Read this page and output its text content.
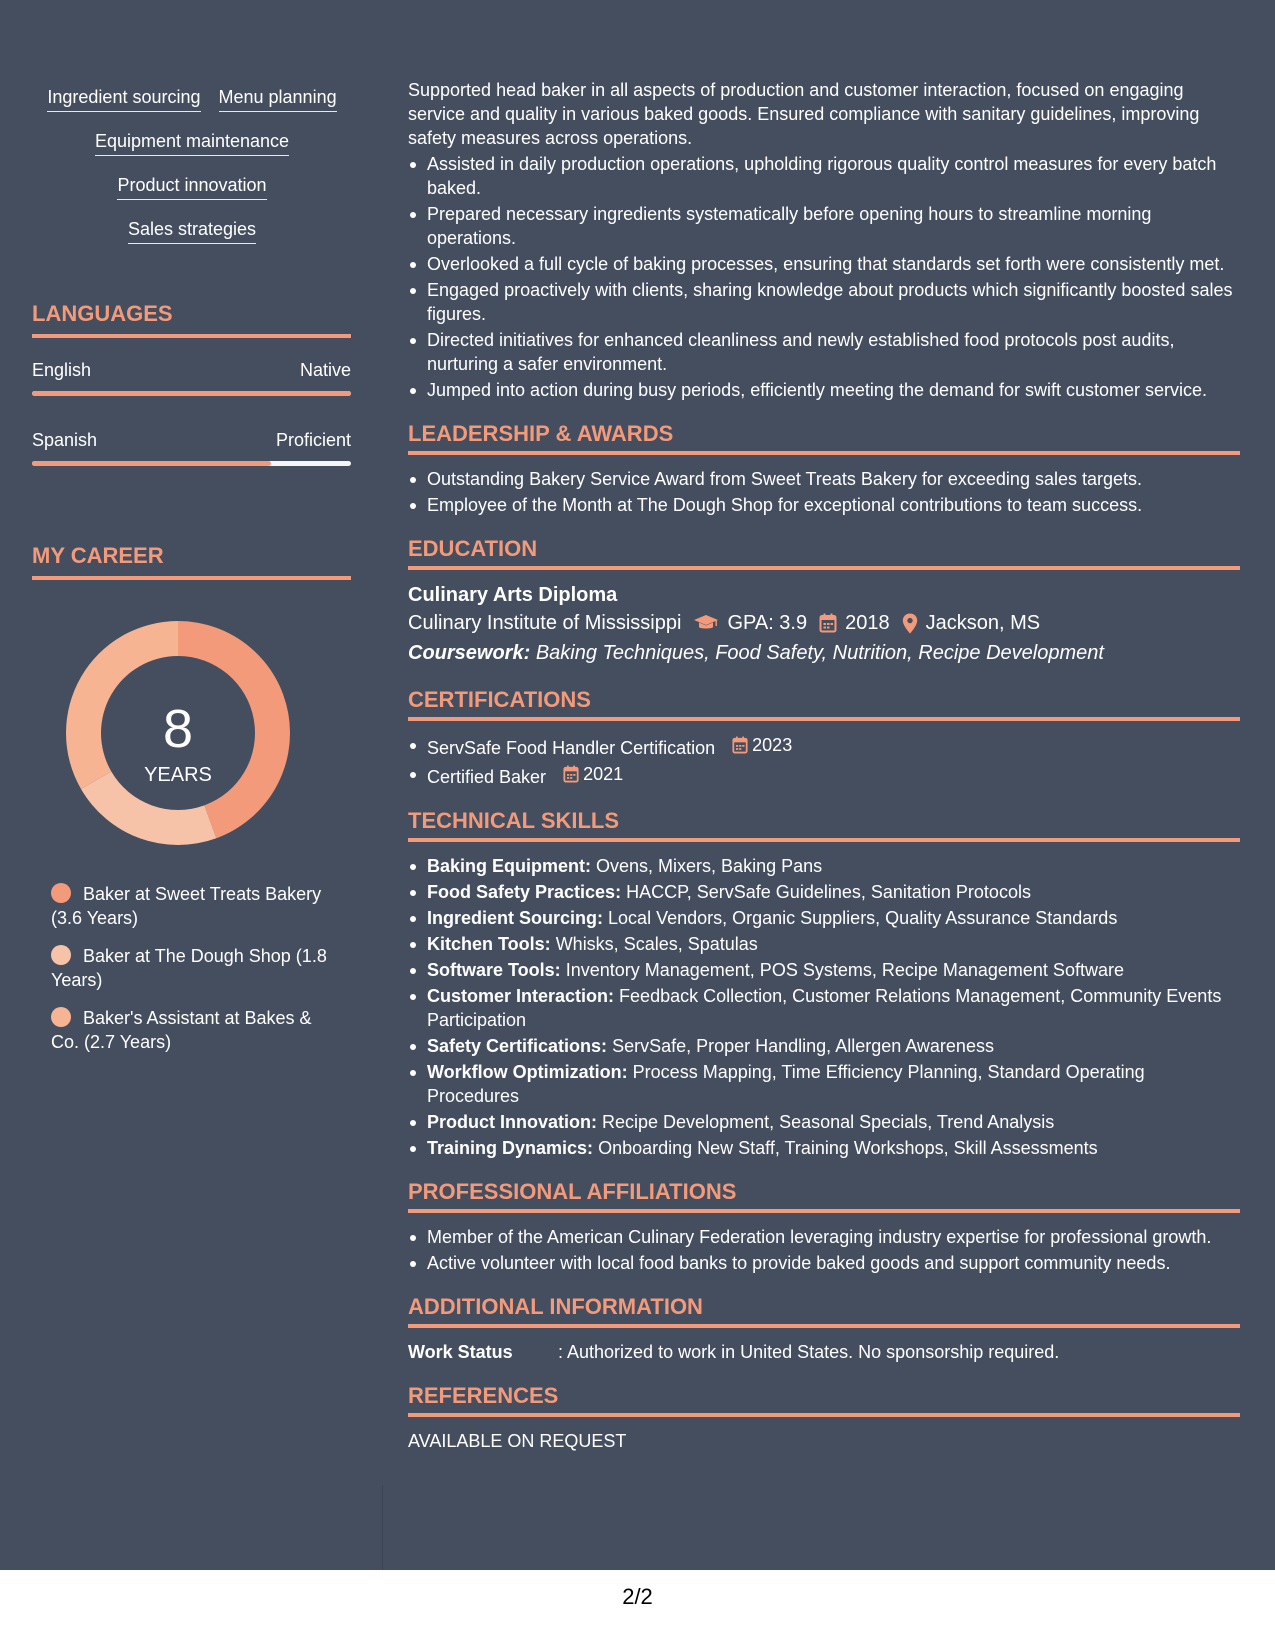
Ingredient sourcing Menu planning
Equipment maintenance
Product innovation
Sales strategies
LANGUAGES
English	Native
Spanish	Proficient
MY CAREER
8
YEARS
Baker at Sweet Treats Bakery (3.6 Years)
Baker at The Dough Shop (1.8 Years)
Baker's Assistant at Bakes & Co. (2.7 Years)

Supported head baker in all aspects of production and customer interaction, focused on engaging service and quality in various baked goods. Ensured compliance with sanitary guidelines, improving safety measures across operations.

Assisted in daily production operations, upholding rigorous quality control measures for every batch baked.
Prepared necessary ingredients systematically before opening hours to streamline morning operations.
Overlooked a full cycle of baking processes, ensuring that standards set forth were consistently met.
Engaged proactively with clients, sharing knowledge about products which significantly boosted sales figures.
Directed initiatives for enhanced cleanliness and newly established food protocols post audits, nurturing a safer environment.
Jumped into action during busy periods, efficiently meeting the demand for swift customer service.
LEADERSHIP & AWARDS
Outstanding Bakery Service Award from Sweet Treats Bakery for exceeding sales targets.
Employee of the Month at The Dough Shop for exceptional contributions to team success.
EDUCATION
Culinary Arts Diploma
Culinary Institute of Mississippi GPA: 3.9 2018 Jackson, MS
Coursework: Baking Techniques, Food Safety, Nutrition, Recipe Development
CERTIFICATIONS
ServSafe Food Handler Certification 2023
Certified Baker 2021
TECHNICAL SKILLS
Baking Equipment: Ovens, Mixers, Baking Pans
Food Safety Practices: HACCP, ServSafe Guidelines, Sanitation Protocols
Ingredient Sourcing: Local Vendors, Organic Suppliers, Quality Assurance Standards
Kitchen Tools: Whisks, Scales, Spatulas
Software Tools: Inventory Management, POS Systems, Recipe Management Software
Customer Interaction: Feedback Collection, Customer Relations Management, Community Events Participation
Safety Certifications: ServSafe, Proper Handling, Allergen Awareness
Workflow Optimization: Process Mapping, Time Efficiency Planning, Standard Operating Procedures
Product Innovation: Recipe Development, Seasonal Specials, Trend Analysis
Training Dynamics: Onboarding New Staff, Training Workshops, Skill Assessments
PROFESSIONAL AFFILIATIONS
Member of the American Culinary Federation leveraging industry expertise for professional growth.
Active volunteer with local food banks to provide baked goods and support community needs.
ADDITIONAL INFORMATION
Work Status	: Authorized to work in United States. No sponsorship required.
REFERENCES
AVAILABLE ON REQUEST
2/2
